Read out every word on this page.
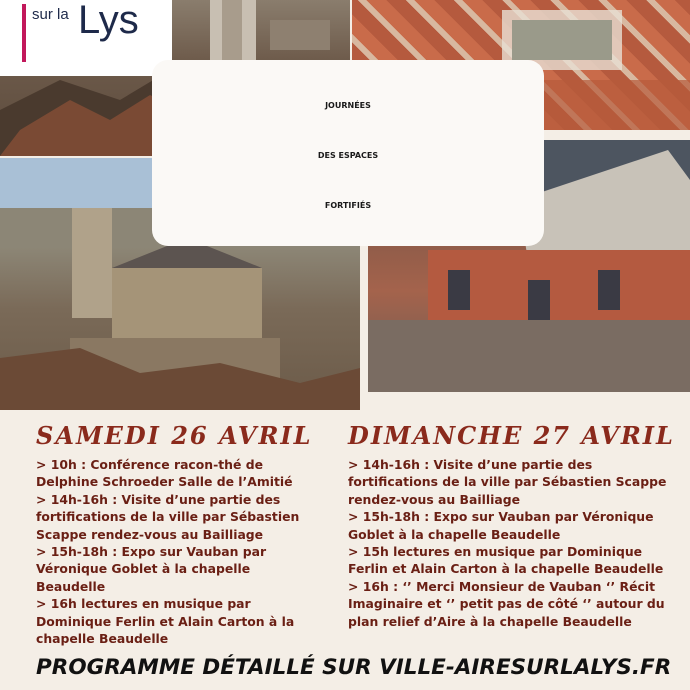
sur la Lys
JOURNÉES
DES ESPACES
FORTIFIÉS
SAMEDI 26 AVRIL
> 10h : Conférence racon-thé de
Delphine Schroeder Salle de l’Amitié
> 14h-16h : Visite d’une partie des
fortifications de la ville par Sébastien
Scappe rendez-vous au Bailliage
> 15h-18h : Expo sur Vauban par
Véronique Goblet à la chapelle
Beaudelle
> 16h lectures en musique par
Dominique Ferlin et Alain Carton à la
chapelle Beaudelle
DIMANCHE 27 AVRIL
> 14h-16h : Visite d’une partie des
fortifications de la ville par Sébastien Scappe
rendez-vous au Bailliage
> 15h-18h : Expo sur Vauban par Véronique
Goblet à la chapelle Beaudelle
> 15h lectures en musique par Dominique
Ferlin et Alain Carton à la chapelle Beaudelle
> 16h : ‘’ Merci Monsieur de Vauban ‘’ Récit
Imaginaire et ‘’ petit pas de côté ‘’ autour du
plan relief d’Aire à la chapelle Beaudelle
PROGRAMME DÉTAILLÉ SUR VILLE-AIRESURLALYS.FR
